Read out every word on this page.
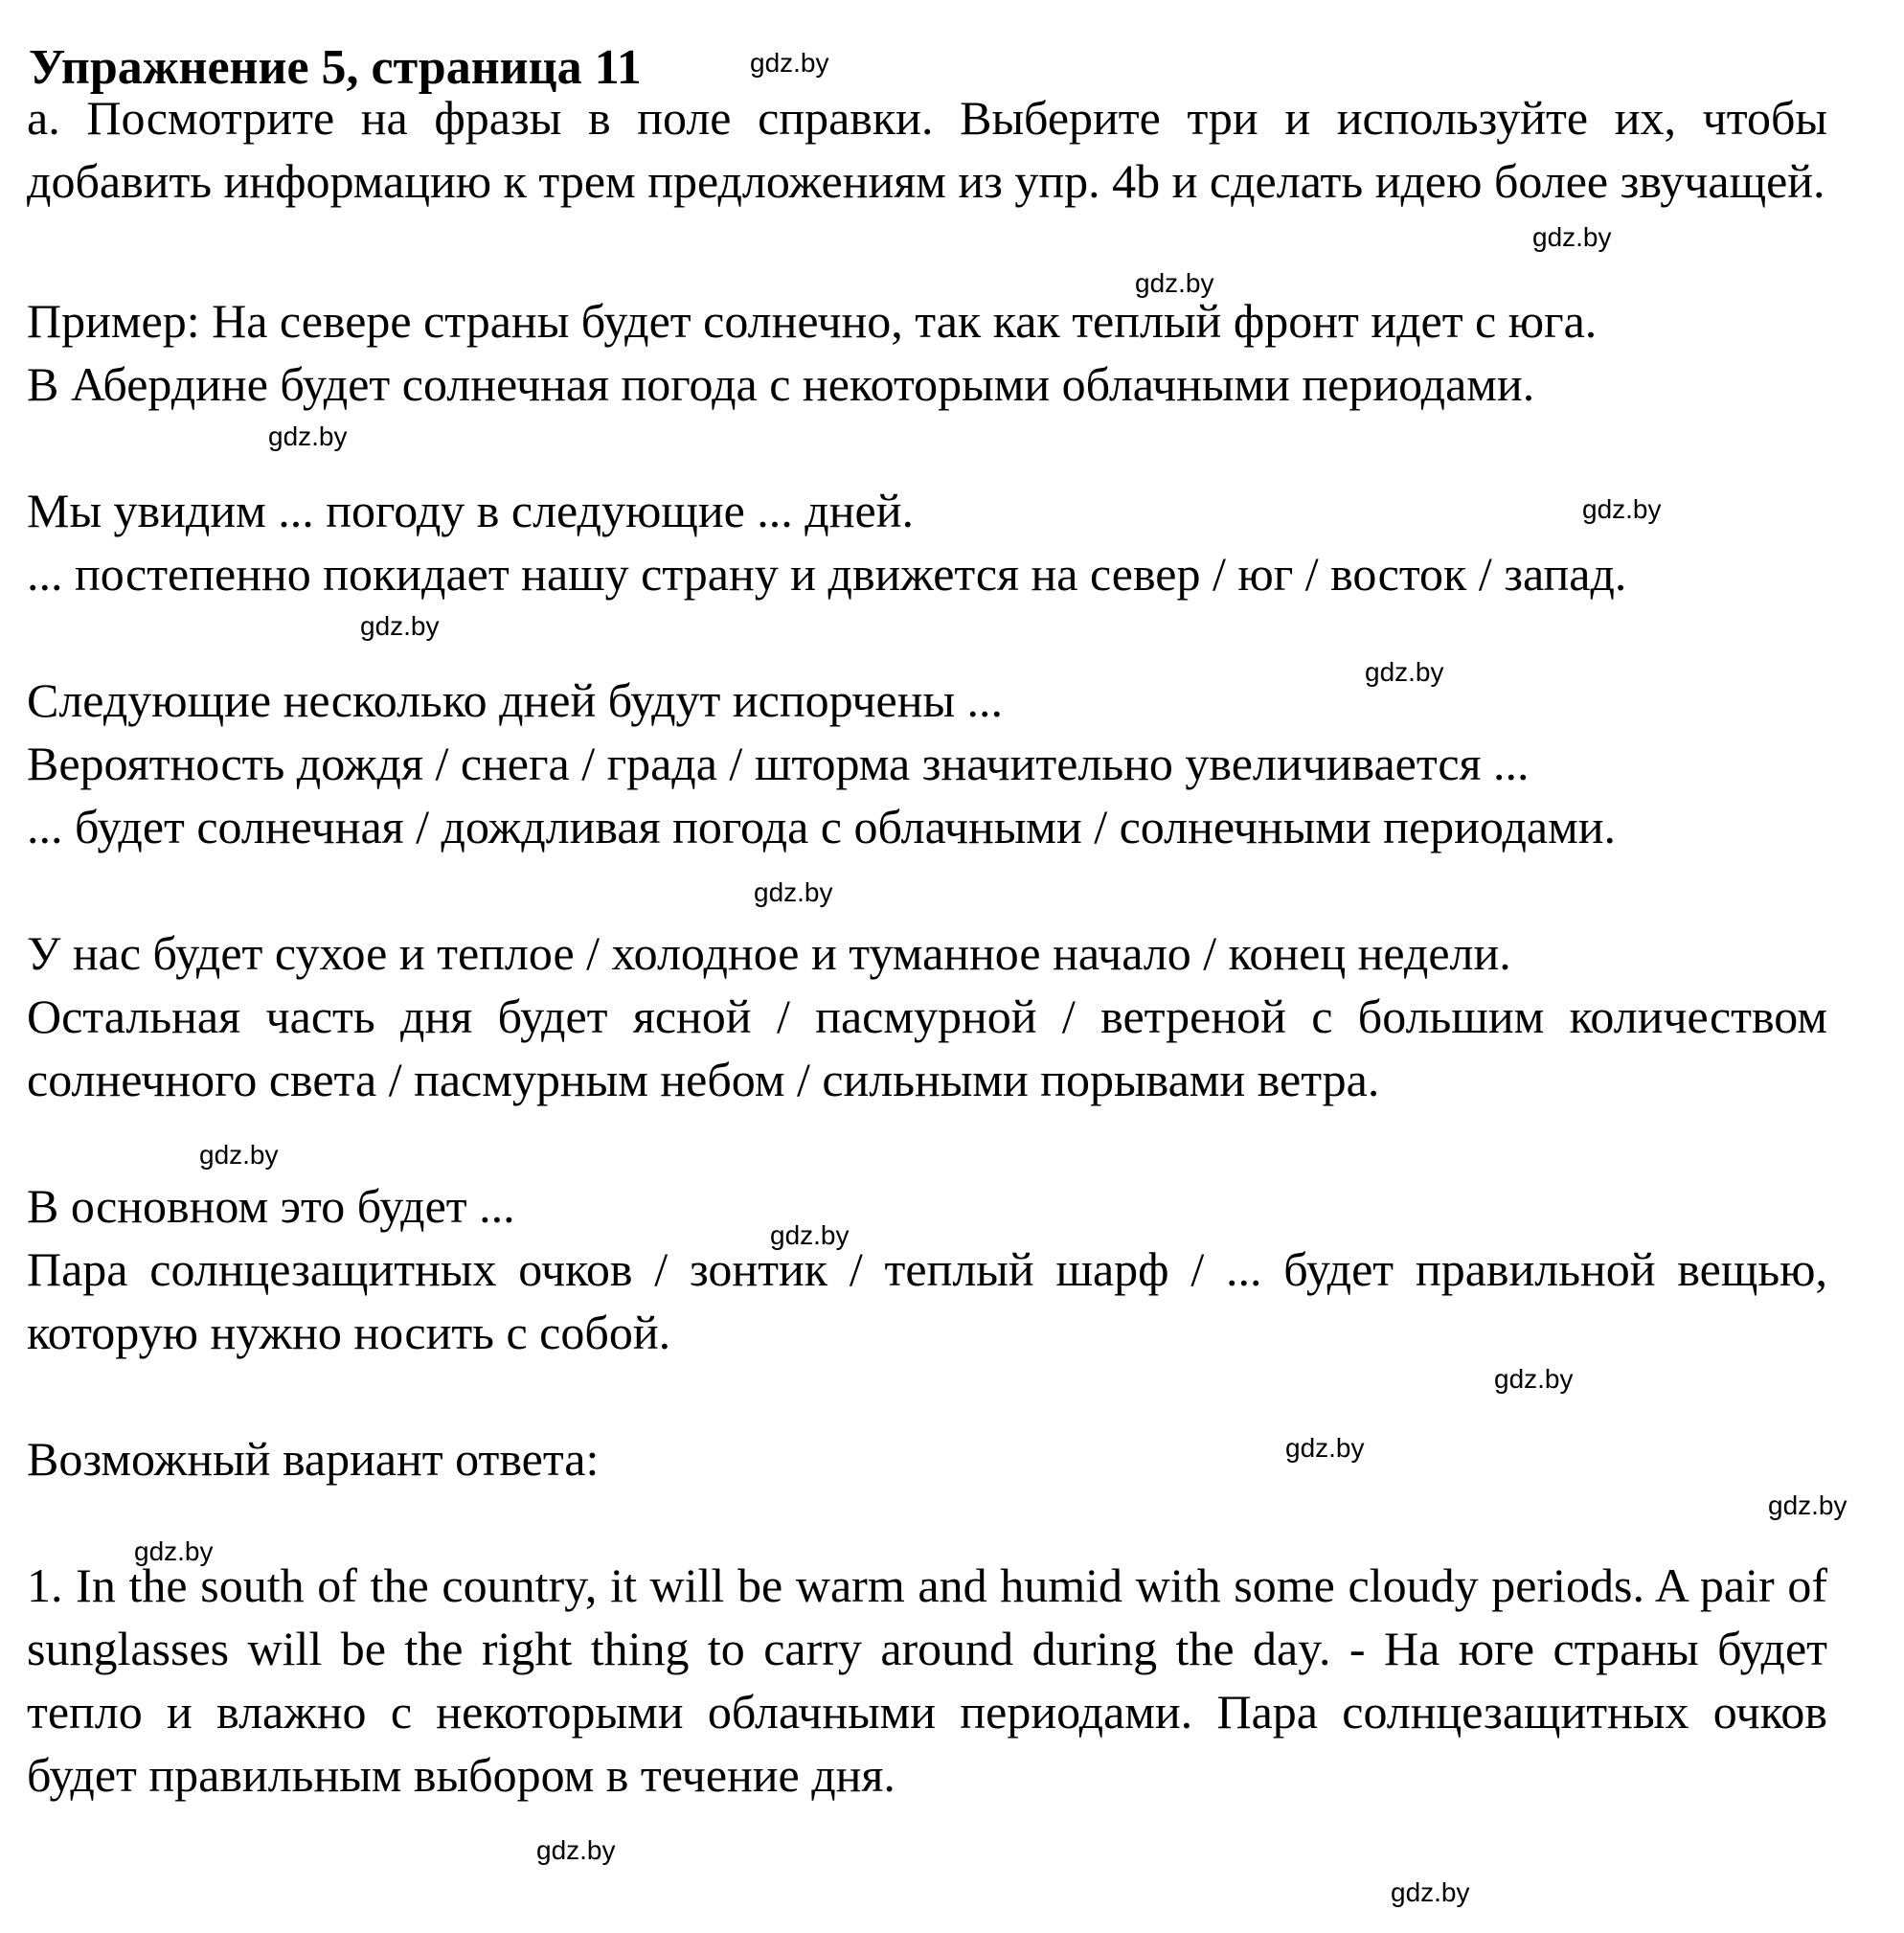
Упражнение 5, страница 11
а. Посмотрите на фразы в поле справки. Выберите три и используйте их, чтобы добавить информацию к трем предложениям из упр. 4b и сделать идею более звучащей.
Пример: На севере страны будет солнечно, так как теплый фронт идет с юга.
В Абердине будет солнечная погода с некоторыми облачными периодами.
Мы увидим ... погоду в следующие ... дней.
... постепенно покидает нашу страну и движется на север / юг / восток / запад.
Следующие несколько дней будут испорчены ...
Вероятность дождя / снега / града / шторма значительно увеличивается ...
... будет солнечная / дождливая погода с облачными / солнечными периодами.
У нас будет сухое и теплое / холодное и туманное начало / конец недели.
Остальная часть дня будет ясной / пасмурной / ветреной с большим количеством солнечного света / пасмурным небом / сильными порывами ветра.
В основном это будет ...
Пара солнцезащитных очков / зонтик / теплый шарф / ... будет правильной вещью, которую нужно носить с собой.
Возможный вариант ответа:
1. In the south of the country, it will be warm and humid with some cloudy periods. A pair of sunglasses will be the right thing to carry around during the day. - На юге страны будет тепло и влажно с некоторыми облачными периодами. Пара солнцезащитных очков будет правильным выбором в течение дня.
gdz.by
gdz.by
gdz.by
gdz.by
gdz.by
gdz.by
gdz.by
gdz.by
gdz.by
gdz.by
gdz.by
gdz.by
gdz.by
gdz.by
gdz.by
gdz.by
